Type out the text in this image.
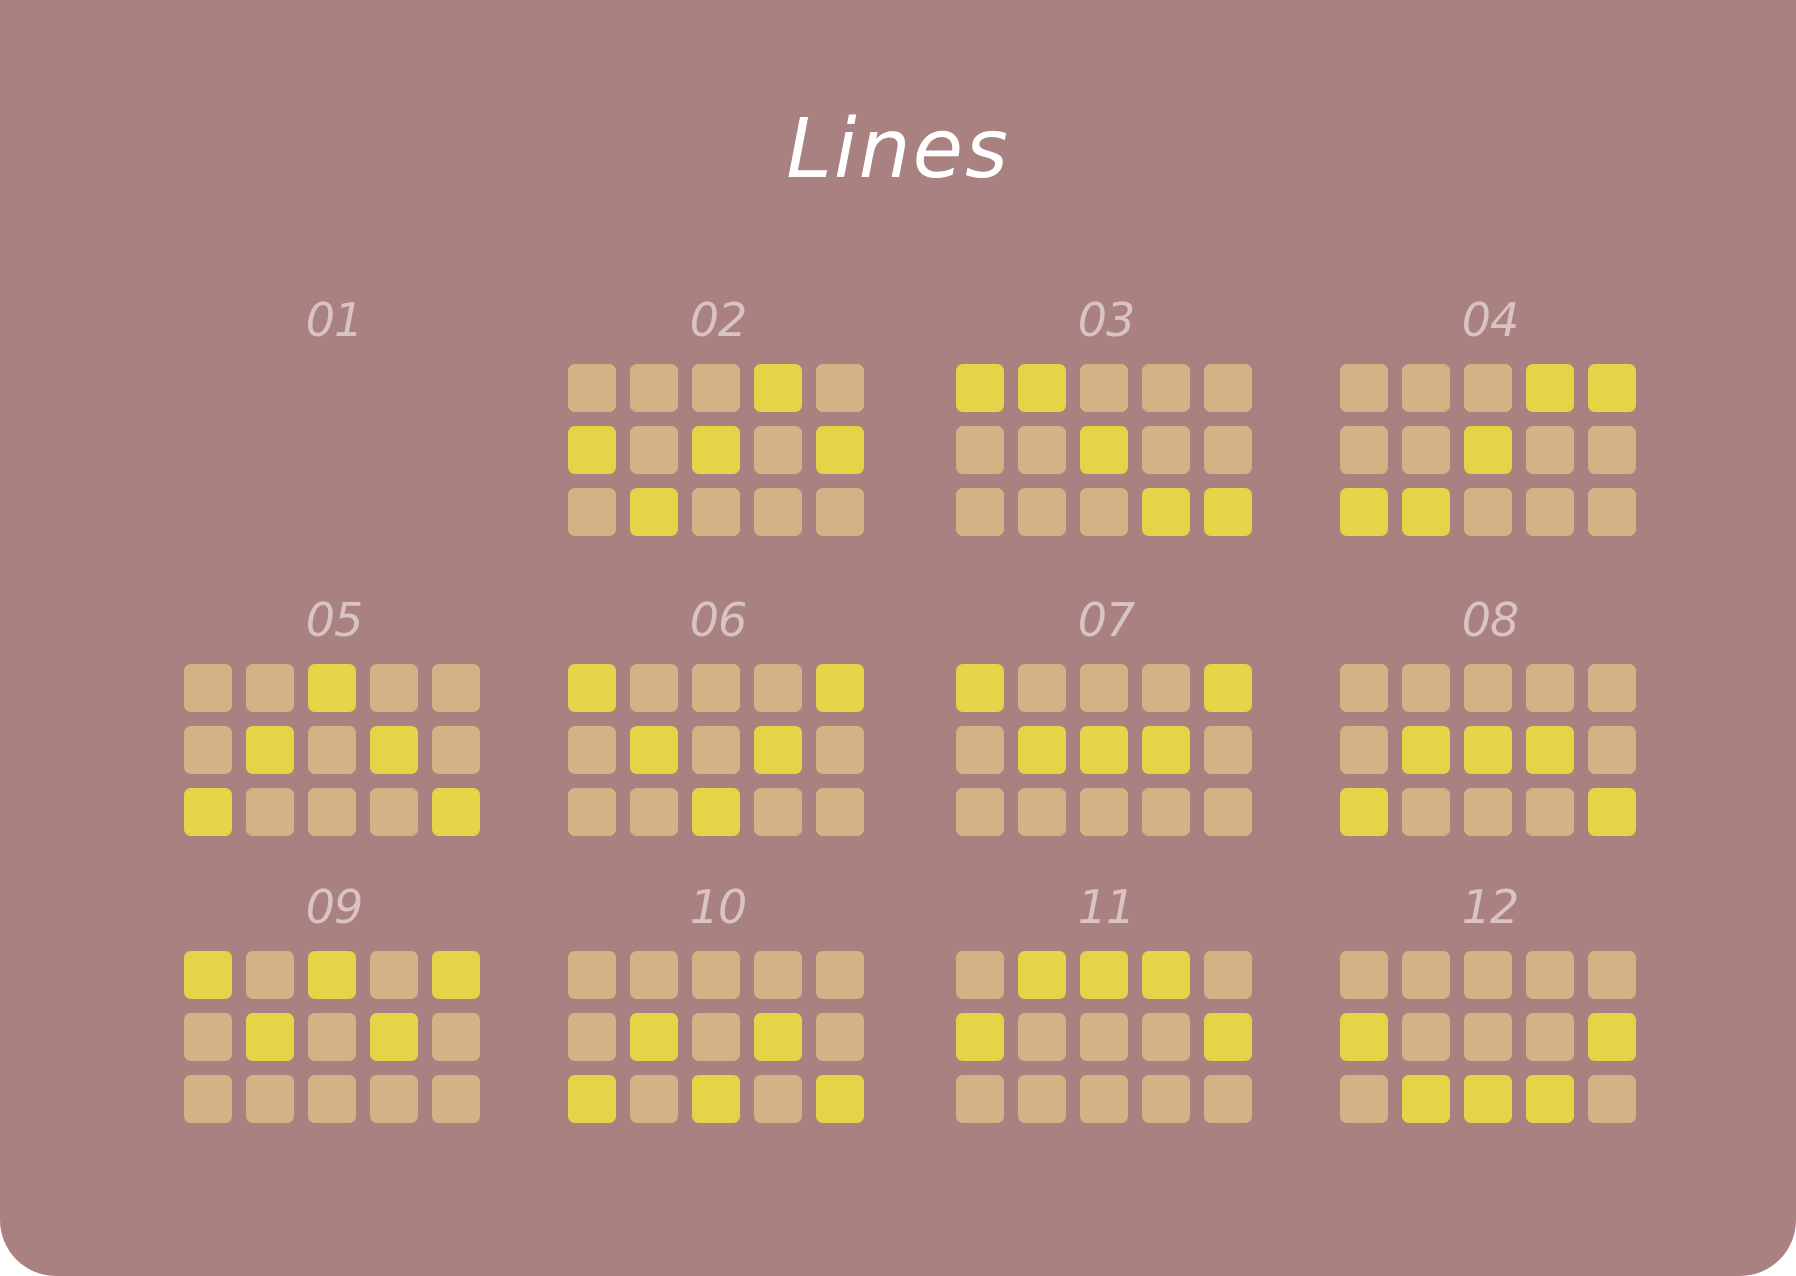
Lines
01	02	03	04
05	06	07	08
09	10	11	12
